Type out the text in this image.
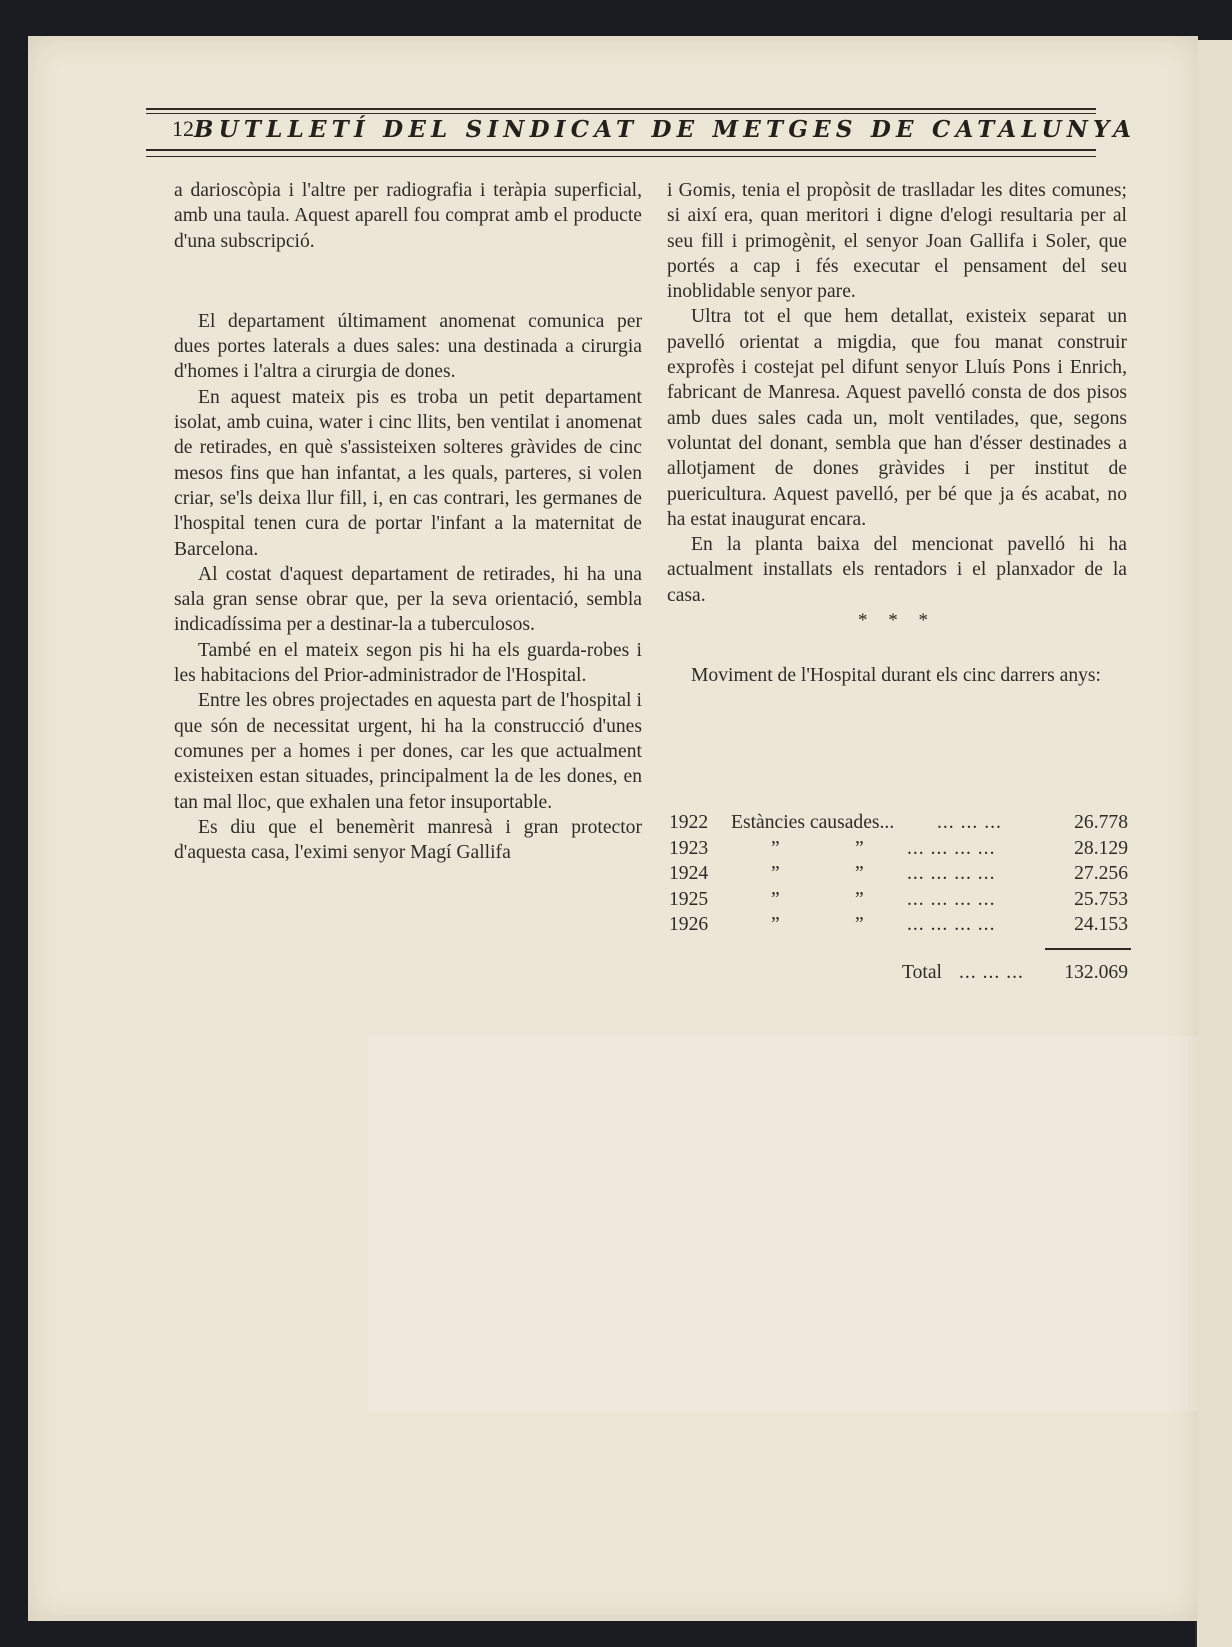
12 BUTLLETÍ DEL SINDICAT DE METGES DE CATALUNYA

a darioscòpia i l'altre per radiografia i teràpia superficial, amb una taula. Aquest aparell fou comprat amb el producte d'una subscripció.

El departament últimament anomenat comunica per dues portes laterals a dues sales: una destinada a cirurgia d'homes i l'altra a cirurgia de dones.

En aquest mateix pis es troba un petit departament isolat, amb cuina, water i cinc llits, ben ventilat i anomenat de retirades, en què s'assisteixen solteres gràvides de cinc mesos fins que han infantat, a les quals, parteres, si volen criar, se'ls deixa llur fill, i, en cas contrari, les germanes de l'hospital tenen cura de portar l'infant a la maternitat de Barcelona.

Al costat d'aquest departament de retirades, hi ha una sala gran sense obrar que, per la seva orientació, sembla indicadíssima per a destinar-la a tuberculosos.

També en el mateix segon pis hi ha els guarda-robes i les habitacions del Prior-administrador de l'Hospital.

Entre les obres projectades en aquesta part de l'hospital i que són de necessitat urgent, hi ha la construcció d'unes comunes per a homes i per dones, car les que actualment existeixen estan situades, principalment la de les dones, en tan mal lloc, que exhalen una fetor insuportable.

Es diu que el benemèrit manresà i gran protector d'aquesta casa, l'eximi senyor Magí Gallifa

i Gomis, tenia el propòsit de traslladar les dites comunes; si així era, quan meritori i digne d'elogi resultaria per al seu fill i primogènit, el senyor Joan Gallifa i Soler, que portés a cap i fés executar el pensament del seu inoblidable senyor pare.

Ultra tot el que hem detallat, existeix separat un pavelló orientat a migdia, que fou manat construir exprofès i costejat pel difunt senyor Lluís Pons i Enrich, fabricant de Manresa. Aquest pavelló consta de dos pisos amb dues sales cada un, molt ventilades, que, segons voluntat del donant, sembla que han d'ésser destinades a allotjament de dones gràvides i per institut de puericultura. Aquest pavelló, per bé que ja és acabat, no ha estat inaugurat encara.

En la planta baixa del mencionat pavelló hi ha actualment installats els rentadors i el planxador de la casa.

* * *

Moviment de l'Hospital durant els cinc darrers anys:

1922 Estàncies causades... ... ... ...	26.778
1923	”	” ... ... ... ...	28.129
1924	”	” ... ... ... ...	27.256
1925	”	” ... ... ... ...	25.753
1926	”	” ... ... ... ...	24.153
Total ... ... ... 132.069
